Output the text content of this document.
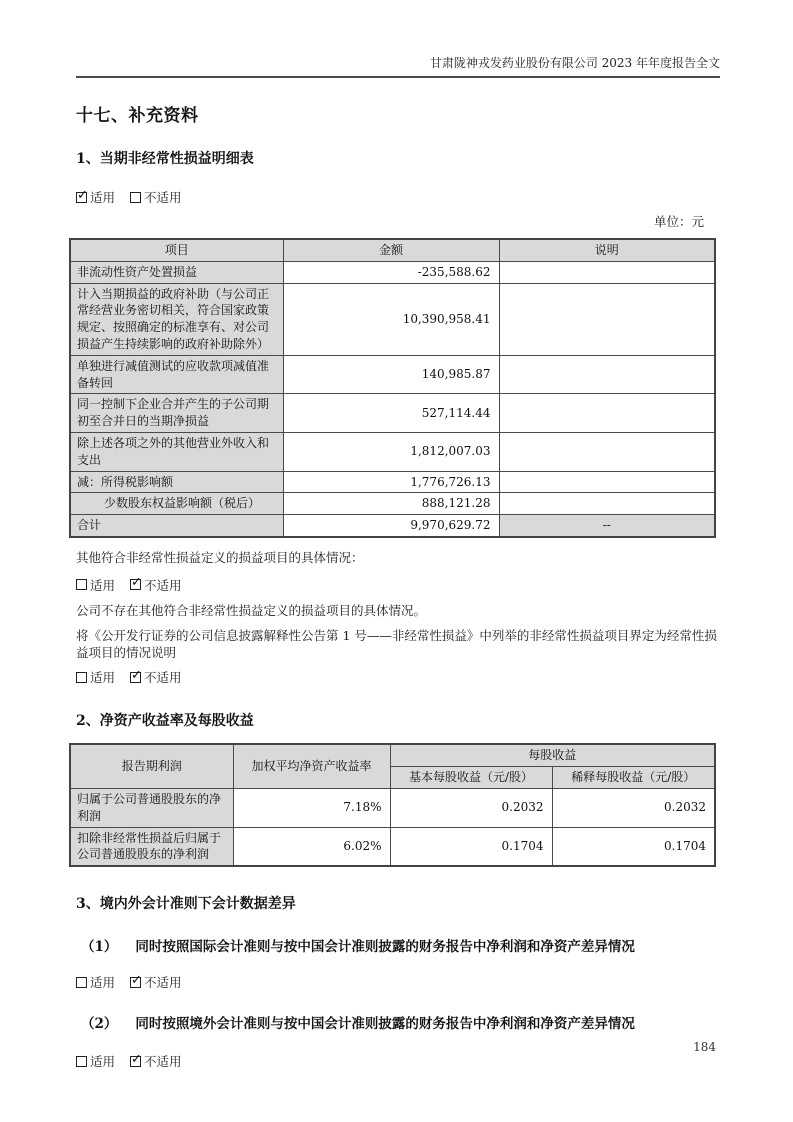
甘肃陇神戎发药业股份有限公司 2023 年年度报告全文
十七、补充资料
1、当期非经常性损益明细表
✓ 适用
不适用
单位：元
项目	金额	说明
非流动性资产处置损益	-235,588.62	
计入当期损益的政府补助（与公司正常经营业务密切相关，符合国家政策规定、按照确定的标准享有、对公司损益产生持续影响的政府补助除外）	10,390,958.41	
单独进行减值测试的应收款项减值准备转回	140,985.87	
同一控制下企业合并产生的子公司期初至合并日的当期净损益	527,114.44	
除上述各项之外的其他营业外收入和支出	1,812,007.03	
减：所得税影响额	1,776,726.13	
少数股东权益影响额（税后）	888,121.28	
合计	9,970,629.72	--
其他符合非经常性损益定义的损益项目的具体情况：
适用
✓ 不适用
公司不存在其他符合非经常性损益定义的损益项目的具体情况。
将《公开发行证券的公司信息披露解释性公告第 1 号——非经常性损益》中列举的非经常性损益项目界定为经常性损益项目的情况说明
适用
✓ 不适用
2、净资产收益率及每股收益
报告期利润	加权平均净资产收益率	每股收益	
		基本每股收益（元/股）	稀释每股收益（元/股）
归属于公司普通股股东的净利润	7.18%	0.2032	0.2032
扣除非经常性损益后归属于公司普通股股东的净利润	6.02%	0.1704	0.1704
3、境内外会计准则下会计数据差异
（1） 同时按照国际会计准则与按中国会计准则披露的财务报告中净利润和净资产差异情况
适用
✓ 不适用
（2） 同时按照境外会计准则与按中国会计准则披露的财务报告中净利润和净资产差异情况
适用
✓ 不适用
184
